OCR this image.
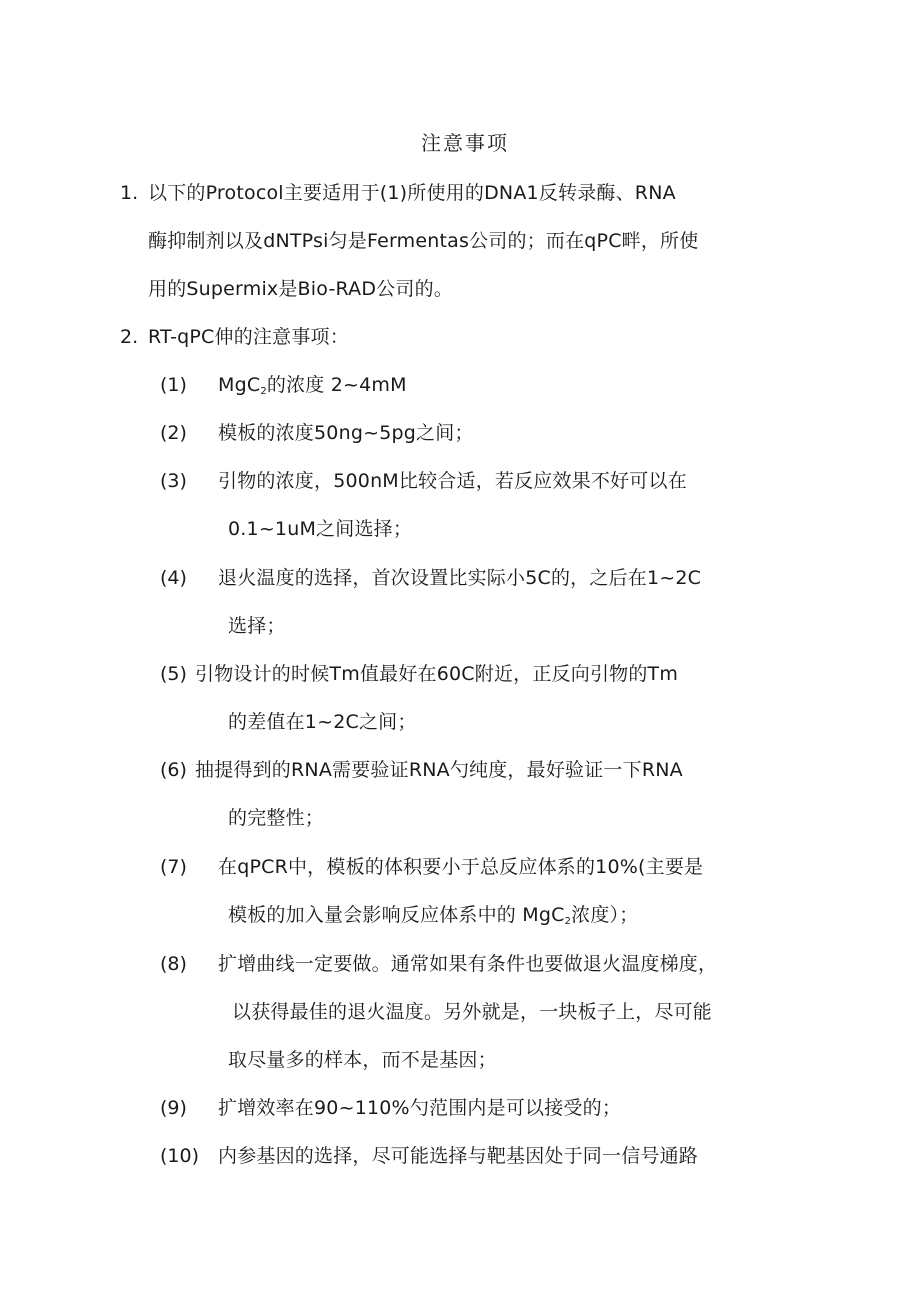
注意事项
1. 以下的Protocol主要适用于(1)所使用的DNA1反转录酶、RNA
酶抑制剂以及dNTPsi匀是Fermentas公司的；而在qPC畔，所使
用的Supermix是Bio-RAD公司的。
2. RT-qPC伸的注意事项：
(1) MgC$_2$的浓度 2~4mM
(2) 模板的浓度50ng~5pg之间；
(3) 引物的浓度，500nM比较合适，若反应效果不好可以在
0.1~1uM之间选择；
(4) 退火温度的选择，首次设置比实际小5C的，之后在1~2C
选择；
(5) 引物设计的时候Tm值最好在60C附近，正反向引物的Tm
的差值在1~2C之间；
(6) 抽提得到的RNA需要验证RNA勺纯度，最好验证一下RNA
的完整性；
(7) 在qPCR中，模板的体积要小于总反应体系的10%(主要是
模板的加入量会影响反应体系中的 MgC$_2$浓度）；
(8) 扩增曲线一定要做。通常如果有条件也要做退火温度梯度，
以获得最佳的退火温度。另外就是，一块板子上，尽可能
取尽量多的样本，而不是基因；
(9) 扩增效率在90~110%勺范围内是可以接受的；
(10) 内参基因的选择，尽可能选择与靶基因处于同一信号通路
